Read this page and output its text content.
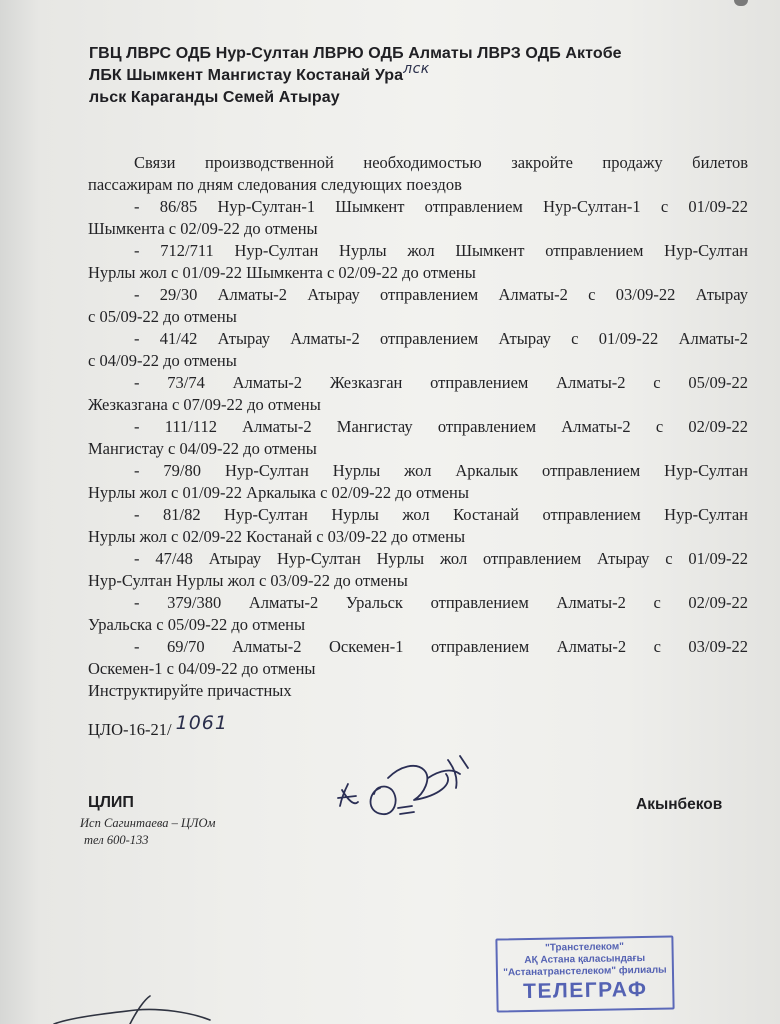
ГВЦ ЛВРС ОДБ Нур-Султан ЛВРЮ ОДБ Алматы ЛВРЗ ОДБ Актобе
ЛБК Шымкент Мангистау Костанай Уралск
льск Караганды Семей Атырау
Связи производственной необходимостью закройте продажу билетов
пассажирам по дням следования следующих поездов
- 86/85 Нур-Султан-1 Шымкент отправлением Нур-Султан-1 с 01/09-22
Шымкента с 02/09-22 до отмены
- 712/711 Нур-Султан Нурлы жол Шымкент отправлением Нур-Султан
Нурлы жол с 01/09-22 Шымкента с 02/09-22 до отмены
- 29/30 Алматы-2 Атырау отправлением Алматы-2 с 03/09-22 Атырау
с 05/09-22 до отмены
- 41/42 Атырау Алматы-2 отправлением Атырау с 01/09-22 Алматы-2
с 04/09-22 до отмены
- 73/74 Алматы-2 Жезказган отправлением Алматы-2 с 05/09-22
Жезказгана с 07/09-22 до отмены
- 111/112 Алматы-2 Мангистау отправлением Алматы-2 с 02/09-22
Мангистау с 04/09-22 до отмены
- 79/80 Нур-Султан Нурлы жол Аркалык отправлением Нур-Султан
Нурлы жол с 01/09-22 Аркалыка с 02/09-22 до отмены
- 81/82 Нур-Султан Нурлы жол Костанай отправлением Нур-Султан
Нурлы жол с 02/09-22 Костанай с 03/09-22 до отмены
- 47/48 Атырау Нур-Султан Нурлы жол отправлением Атырау с 01/09-22
Нур-Султан Нурлы жол с 03/09-22 до отмены
- 379/380 Алматы-2 Уральск отправлением Алматы-2 с 02/09-22
Уральска с 05/09-22 до отмены
- 69/70 Алматы-2 Оскемен-1 отправлением Алматы-2 с 03/09-22
Оскемен-1 с 04/09-22 до отмены
Инструктируйте причастных
ЦЛО-16-21/ 1061
ЦЛИП	Акынбеков
Исп Сагинтаева – ЦЛОм
тел 600-133
"Транстелеком"
АҚ Астана қаласындағы
"Астанатранстелеком" филиалы
ТЕЛЕГРАФ
